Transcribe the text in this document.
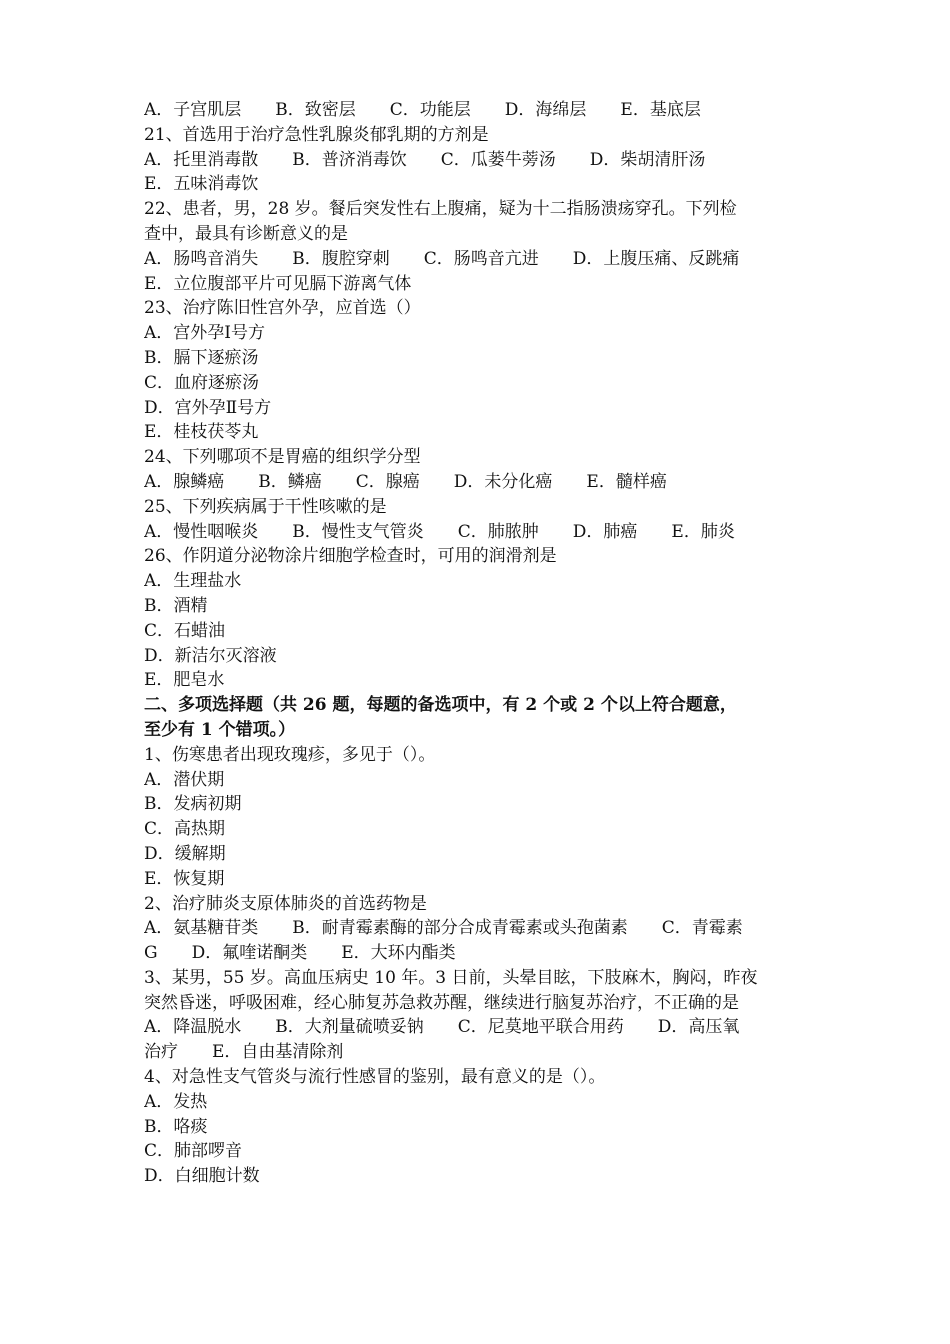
A．子宫肌层　　B．致密层　　C．功能层　　D．海绵层　　E．基底层
21、首选用于治疗急性乳腺炎郁乳期的方剂是
A．托里消毒散　　B．普济消毒饮　　C．瓜蒌牛蒡汤　　D．柴胡清肝汤
E．五味消毒饮
22、患者，男，28 岁。餐后突发性右上腹痛，疑为十二指肠溃疡穿孔。下列检
查中，最具有诊断意义的是
A．肠鸣音消失　　B．腹腔穿刺　　C．肠鸣音亢进　　D．上腹压痛、反跳痛
E．立位腹部平片可见膈下游离气体
23、治疗陈旧性宫外孕，应首选（）
A．宫外孕Ⅰ号方
B．膈下逐瘀汤
C．血府逐瘀汤
D．宫外孕Ⅱ号方
E．桂枝茯苓丸
24、下列哪项不是胃癌的组织学分型
A．腺鳞癌　　B．鳞癌　　C．腺癌　　D．未分化癌　　E．髓样癌
25、下列疾病属于干性咳嗽的是
A．慢性咽喉炎　　B．慢性支气管炎　　C．肺脓肿　　D．肺癌　　E．肺炎
26、作阴道分泌物涂片细胞学检查时，可用的润滑剂是
A．生理盐水
B．酒精
C．石蜡油
D．新洁尔灭溶液
E．肥皂水
二、多项选择题（共 26 题，每题的备选项中，有 2 个或 2 个以上符合题意，
至少有 1 个错项。）
1、伤寒患者出现玫瑰疹，多见于（）。
A．潜伏期
B．发病初期
C．高热期
D．缓解期
E．恢复期
2、治疗肺炎支原体肺炎的首选药物是
A．氨基糖苷类　　B．耐青霉素酶的部分合成青霉素或头孢菌素　　C．青霉素
G　　D．氟喹诺酮类　　E．大环内酯类
3、某男，55 岁。高血压病史 10 年。3 日前，头晕目眩，下肢麻木，胸闷，昨夜
突然昏迷，呼吸困难，经心肺复苏急救苏醒，继续进行脑复苏治疗，不正确的是
A．降温脱水　　B．大剂量硫喷妥钠　　C．尼莫地平联合用药　　D．高压氧
治疗　　E．自由基清除剂
4、对急性支气管炎与流行性感冒的鉴别，最有意义的是（）。
A．发热
B．咯痰
C．肺部啰音
D．白细胞计数
